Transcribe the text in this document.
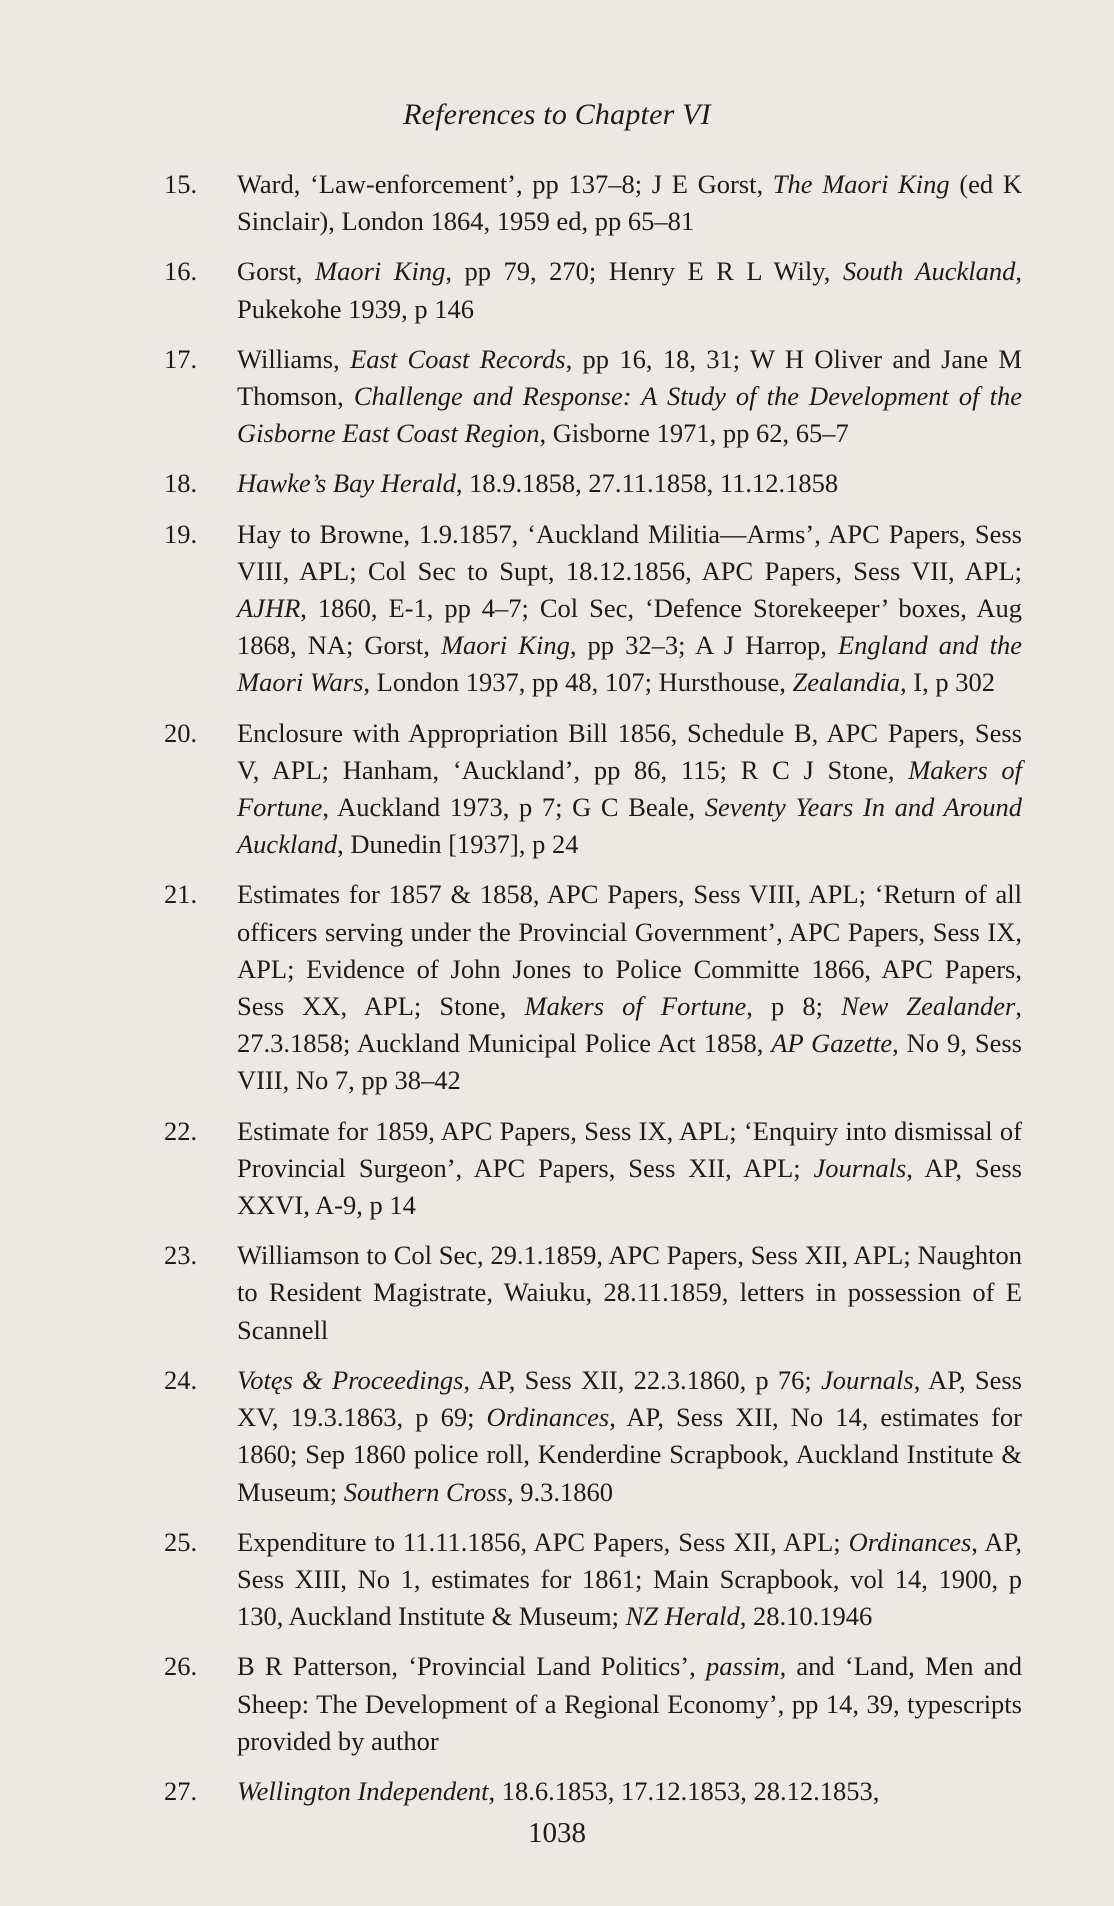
References to Chapter VI
15.	Ward, ‘Law-enforcement’, pp 137–8; J E Gorst, The Maori King (ed K Sinclair), London 1864, 1959 ed, pp 65–81
16.	Gorst, Maori King, pp 79, 270; Henry E R L Wily, South Auckland, Pukekohe 1939, p 146
17.	Williams, East Coast Records, pp 16, 18, 31; W H Oliver and Jane M Thomson, Challenge and Response: A Study of the Development of the Gisborne East Coast Region, Gisborne 1971, pp 62, 65–7
18.	Hawke’s Bay Herald, 18.9.1858, 27.11.1858, 11.12.1858
19.	Hay to Browne, 1.9.1857, ‘Auckland Militia—Arms’, APC Papers, Sess VIII, APL; Col Sec to Supt, 18.12.1856, APC Papers, Sess VII, APL; AJHR, 1860, E-1, pp 4–7; Col Sec, ‘Defence Storekeeper’ boxes, Aug 1868, NA; Gorst, Maori King, pp 32–3; A J Harrop, England and the Maori Wars, London 1937, pp 48, 107; Hursthouse, Zealandia, I, p 302
20.	Enclosure with Appropriation Bill 1856, Schedule B, APC Papers, Sess V, APL; Hanham, ‘Auckland’, pp 86, 115; R C J Stone, Makers of Fortune, Auckland 1973, p 7; G C Beale, Seventy Years In and Around Auckland, Dunedin [1937], p 24
21.	Estimates for 1857 & 1858, APC Papers, Sess VIII, APL; ‘Return of all officers serving under the Provincial Government’, APC Papers, Sess IX, APL; Evidence of John Jones to Police Committe 1866, APC Papers, Sess XX, APL; Stone, Makers of Fortune, p 8; New Zealander, 27.3.1858; Auckland Municipal Police Act 1858, AP Gazette, No 9, Sess VIII, No 7, pp 38–42
22.	Estimate for 1859, APC Papers, Sess IX, APL; ‘Enquiry into dismissal of Provincial Surgeon’, APC Papers, Sess XII, APL; Journals, AP, Sess XXVI, A-9, p 14
23.	Williamson to Col Sec, 29.1.1859, APC Papers, Sess XII, APL; Naughton to Resident Magistrate, Waiuku, 28.11.1859, letters in possession of E Scannell
24.	Votęs & Proceedings, AP, Sess XII, 22.3.1860, p 76; Journals, AP, Sess XV, 19.3.1863, p 69; Ordinances, AP, Sess XII, No 14, estimates for 1860; Sep 1860 police roll, Kenderdine Scrapbook, Auckland Institute & Museum; Southern Cross, 9.3.1860
25.	Expenditure to 11.11.1856, APC Papers, Sess XII, APL; Ordinances, AP, Sess XIII, No 1, estimates for 1861; Main Scrapbook, vol 14, 1900, p 130, Auckland Institute & Museum; NZ Herald, 28.10.1946
26.	B R Patterson, ‘Provincial Land Politics’, passim, and ‘Land, Men and Sheep: The Development of a Regional Economy’, pp 14, 39, typescripts provided by author
27.	Wellington Independent, 18.6.1853, 17.12.1853, 28.12.1853,
1038
